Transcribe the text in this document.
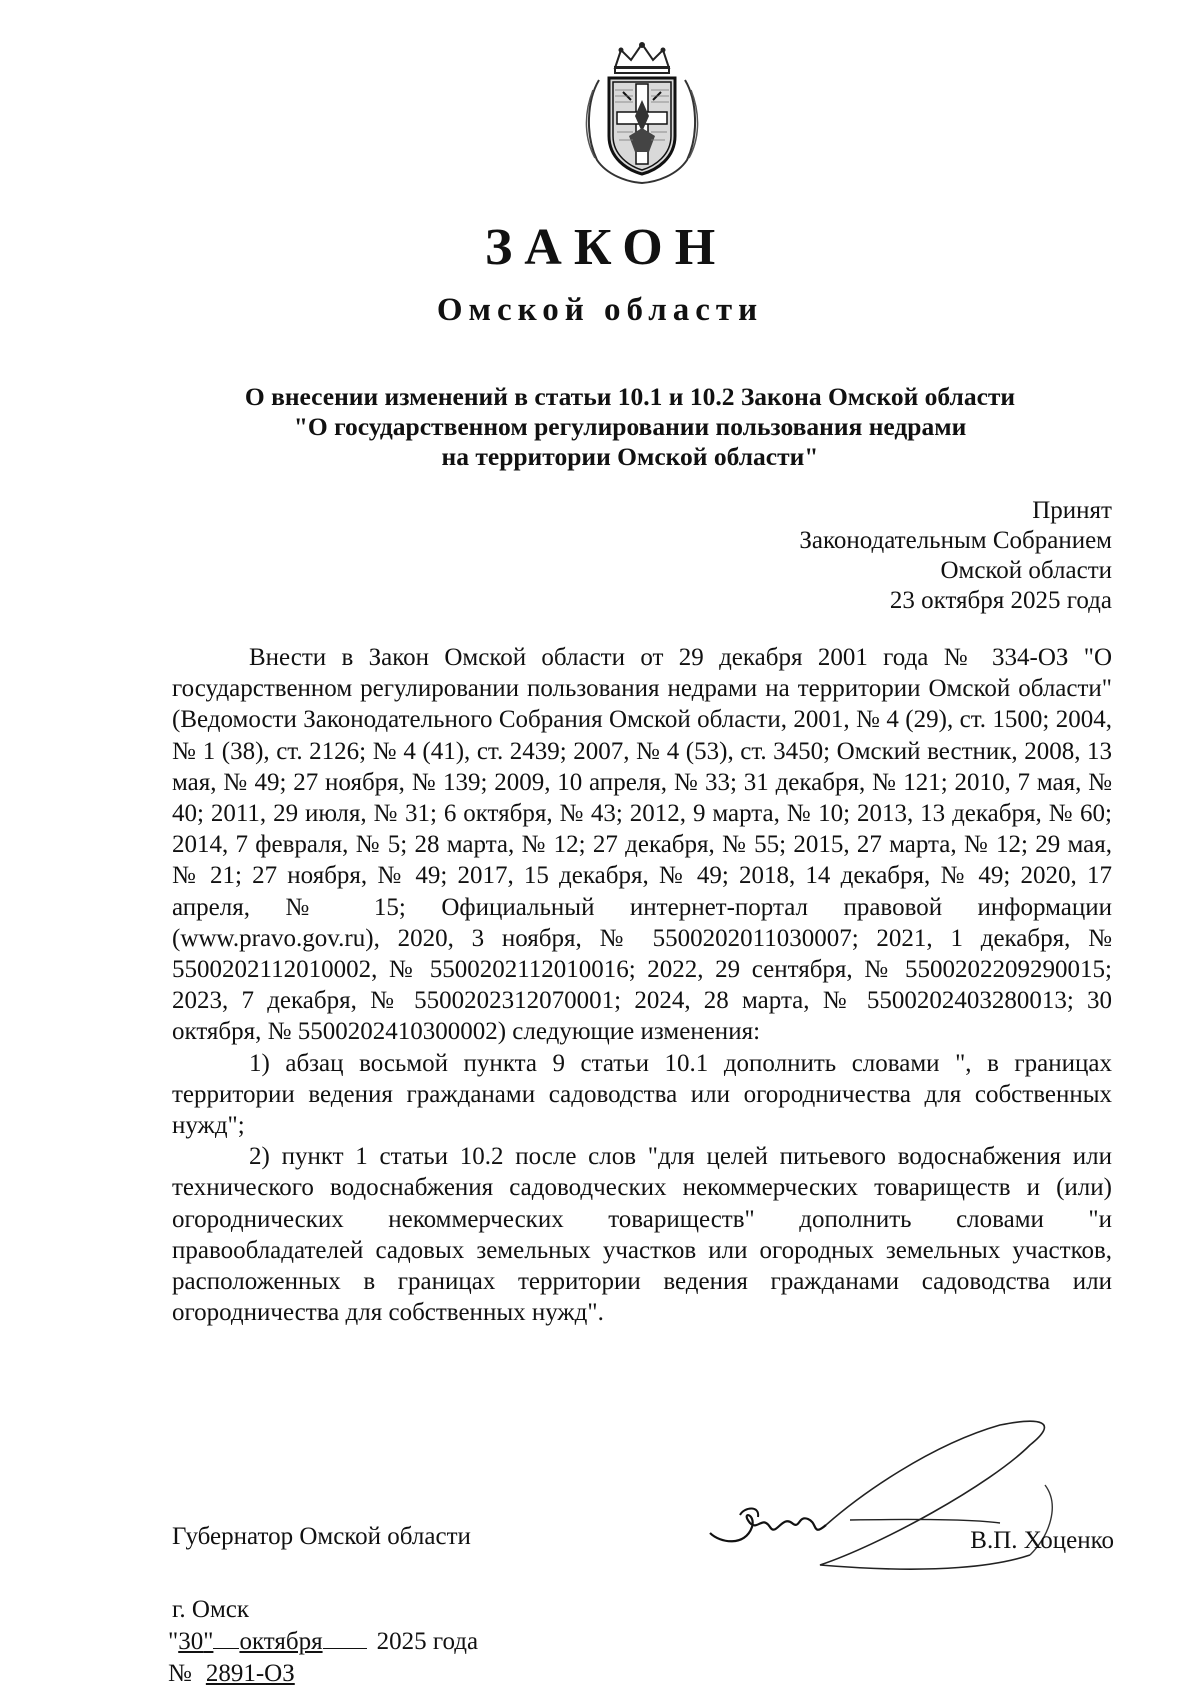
ЗАКОН
Омской области
О внесении изменений в статьи 10.1 и 10.2 Закона Омской области
"О государственном регулировании пользования недрами
на территории Омской области"
Принят
Законодательным Собранием
Омской области
23 октября 2025 года

Внести в Закон Омской области от 29 декабря 2001 года № 334-ОЗ "О государственном регулировании пользования недрами на территории Омской области" (Ведомости Законодательного Собрания Омской области, 2001, № 4 (29), ст. 1500; 2004, № 1 (38), ст. 2126; № 4 (41), ст. 2439; 2007, № 4 (53), ст. 3450; Омский вестник, 2008, 13 мая, № 49; 27 ноября, № 139; 2009, 10 апреля, № 33; 31 декабря, № 121; 2010, 7 мая, № 40; 2011, 29 июля, № 31; 6 октября, № 43; 2012, 9 марта, № 10; 2013, 13 декабря, № 60; 2014, 7 февраля, № 5; 28 марта, № 12; 27 декабря, № 55; 2015, 27 марта, № 12; 29 мая, № 21; 27 ноября, № 49; 2017, 15 декабря, № 49; 2018, 14 декабря, № 49; 2020, 17 апреля, № 15; Официальный интернет-портал правовой информации (www.pravo.gov.ru), 2020, 3 ноября, № 5500202011030007; 2021, 1 декабря, № 5500202112010002, № 5500202112010016; 2022, 29 сентября, № 5500202209290015; 2023, 7 декабря, № 5500202312070001; 2024, 28 марта, № 5500202403280013; 30 октября, № 5500202410300002) следующие изменения:

1) абзац восьмой пункта 9 статьи 10.1 дополнить словами ", в границах территории ведения гражданами садоводства или огородничества для собственных нужд";

2) пункт 1 статьи 10.2 после слов "для целей питьевого водоснабжения или технического водоснабжения садоводческих некоммерческих товариществ и (или) огороднических некоммерческих товариществ" дополнить словами "и правообладателей садовых земельных участков или огородных земельных участков, расположенных в границах территории ведения гражданами садоводства или огородничества для собственных нужд".

Губернатор Омской области	В.П. Хоценко
г. Омск
"30" октября 2025 года
№ 2891-ОЗ
